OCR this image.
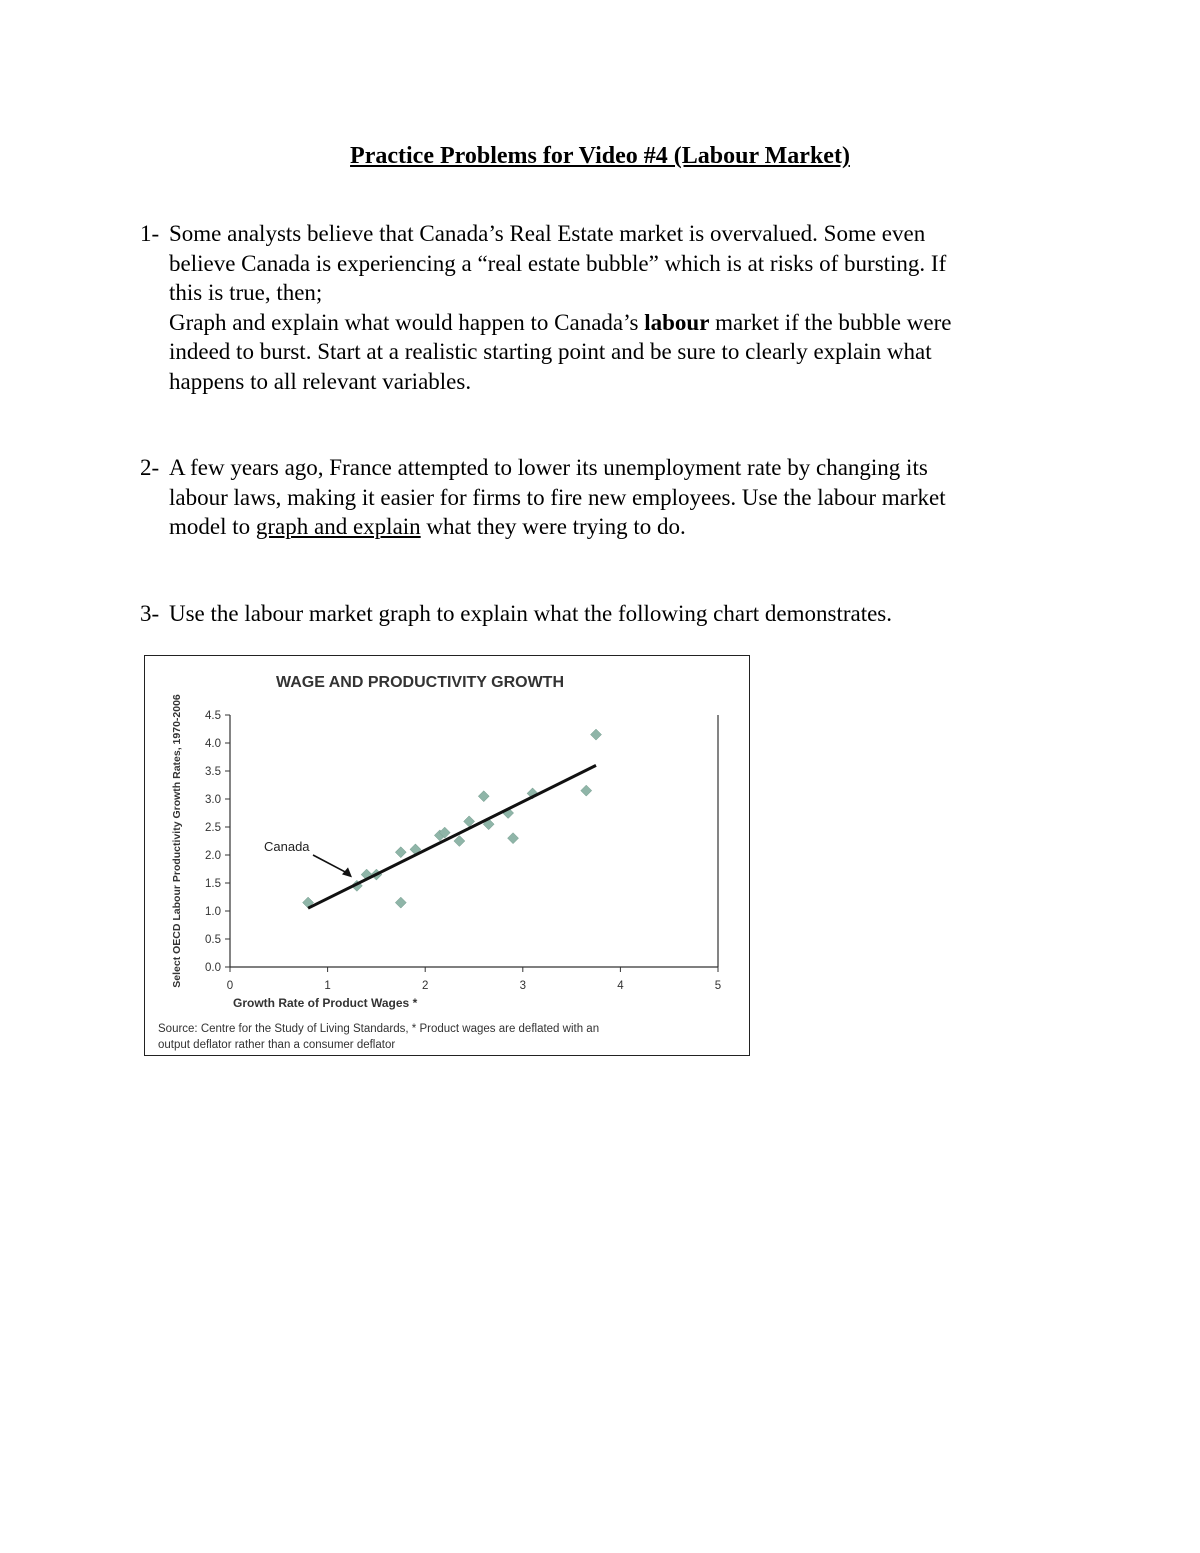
Practice Problems for Video #4 (Labour Market)
1- Some analysts believe that Canada’s Real Estate market is overvalued. Some even
believe Canada is experiencing a “real estate bubble” which is at risks of bursting. If
this is true, then;
Graph and explain what would happen to Canada’s labour market if the bubble were
indeed to burst. Start at a realistic starting point and be sure to clearly explain what
happens to all relevant variables.
2- A few years ago, France attempted to lower its unemployment rate by changing its
labour laws, making it easier for firms to fire new employees. Use the labour market
model to graph and explain what they were trying to do.
3- Use the labour market graph to explain what the following chart demonstrates.
WAGE AND PRODUCTIVITY GROWTH
Select OECD Labour Productivity Growth Rates, 1970-2006
Growth Rate of Product Wages *
Source: Centre for the Study of Living Standards, * Product wages are deflated with an
output deflator rather than a consumer deflator
0.0
0.5
1.0
1.5
2.0
2.5
3.0
3.5
4.0
4.5
0	1	2	3	4	5
Canada
